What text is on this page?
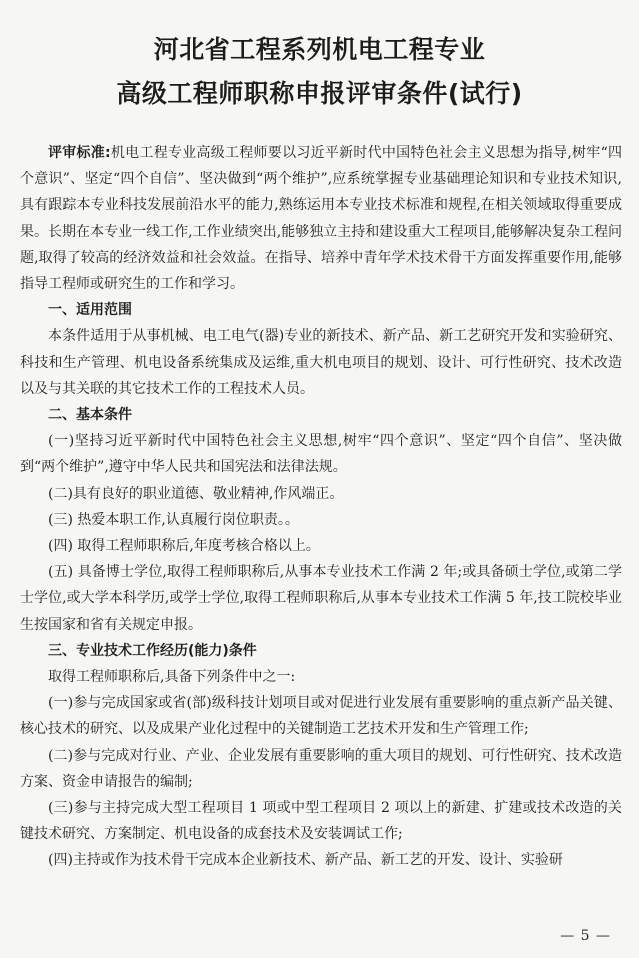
河北省工程系列机电工程专业
高级工程师职称申报评审条件(试行)

评审标准:机电工程专业高级工程师要以习近平新时代中国特色社会主义思想为指导,树牢“四个意识”、坚定“四个自信”、坚决做到“两个维护”,应系统掌握专业基础理论知识和专业技术知识,具有跟踪本专业科技发展前沿水平的能力,熟练运用本专业技术标准和规程,在相关领域取得重要成果。长期在本专业一线工作,工作业绩突出,能够独立主持和建设重大工程项目,能够解决复杂工程问题,取得了较高的经济效益和社会效益。在指导、培养中青年学术技术骨干方面发挥重要作用,能够指导工程师或研究生的工作和学习。

一、适用范围

本条件适用于从事机械、电工电气(器)专业的新技术、新产品、新工艺研究开发和实验研究、科技和生产管理、机电设备系统集成及运维,重大机电项目的规划、设计、可行性研究、技术改造以及与其关联的其它技术工作的工程技术人员。

二、基本条件

(一)坚持习近平新时代中国特色社会主义思想,树牢“四个意识”、坚定“四个自信”、坚决做到“两个维护”,遵守中华人民共和国宪法和法律法规。

(二)具有良好的职业道德、敬业精神,作风端正。

(三) 热爱本职工作,认真履行岗位职责。。

(四) 取得工程师职称后,年度考核合格以上。

(五) 具备博士学位,取得工程师职称后,从事本专业技术工作满 2 年;或具备硕士学位,或第二学士学位,或大学本科学历,或学士学位,取得工程师职称后,从事本专业技术工作满 5 年,技工院校毕业生按国家和省有关规定申报。

三、专业技术工作经历(能力)条件

取得工程师职称后,具备下列条件中之一:

(一)参与完成国家或省(部)级科技计划项目或对促进行业发展有重要影响的重点新产品关键、核心技术的研究、以及成果产业化过程中的关键制造工艺技术开发和生产管理工作;

(二)参与完成对行业、产业、企业发展有重要影响的重大项目的规划、可行性研究、技术改造方案、资金申请报告的编制;

(三)参与主持完成大型工程项目 1 项或中型工程项目 2 项以上的新建、扩建或技术改造的关键技术研究、方案制定、机电设备的成套技术及安装调试工作;

(四)主持或作为技术骨干完成本企业新技术、新产品、新工艺的开发、设计、实验研

— 5 —
